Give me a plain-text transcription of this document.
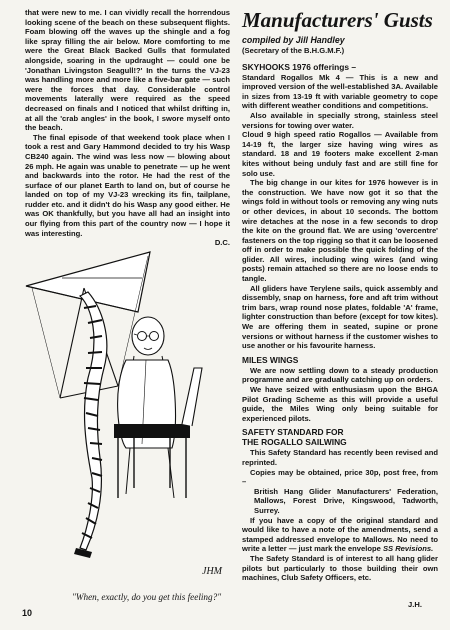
that were new to me. I can vividly recall the horrendous looking scene of the beach on these subsequent flights. Foam blowing off the waves up the shingle and a fog like spray filling the air below. More comforting to me were the Great Black Backed Gulls that formulated alongside, soaring in the updraught — could one be 'Jonathan Livingston Seagull!?' In the turns the VJ-23 was handling more and more like a five-bar gate — such were the forces that day. Considerable control movements laterally were required as the speed decreased on finals and I noticed that whilst drifting in, at all the 'crab angles' in the book, I swore myself onto the beach.

The final episode of that weekend took place when I took a rest and Gary Hammond decided to try his Wasp CB240 again. The wind was less now — blowing about 26 mph. He again was unable to penetrate — up he went and backwards into the rotor. He had the rest of the surface of our planet Earth to land on, but of course he landed on top of my VJ-23 wrecking its fin, tailplane, rudder etc. and it didn't do his Wasp any good either. He was OK thankfully, but you have all had an insight into our flying from this part of the country now — I hope it was interesting.

D.C.
JHM
"When, exactly, do you get this feeling?"
10
Manufacturers' Gusts

compiled by Jill Handley

(Secretary of the B.H.G.M.F.)

SKYHOOKS 1976 offerings –

Standard Rogallos Mk 4 — This is a new and improved version of the well-established 3A. Available in sizes from 13-19 ft with variable geometry to cope with different weather conditions and competitions.

Also available in specially strong, stainless steel versions for towing over water.

Cloud 9 high speed ratio Rogallos — Available from 14-19 ft, the larger size having wing wires as standard. 18 and 19 footers make excellent 2-man kites without being unduly fast and are still fine for solo use.

The big change in our kites for 1976 however is in the construction. We have now got it so that the wings fold in without tools or removing any wing nuts or other devices, in about 10 seconds. The bottom wire detaches at the nose in a few seconds to drop the kite on the ground flat. We are using 'overcentre' fasteners on the top rigging so that it can be loosened off in order to make possible the quick folding of the glider. All wires, including wing wires (and wing posts) remain attached so there are no loose ends to tangle.

All gliders have Terylene sails, quick assembly and dissembly, snap on harness, fore and aft trim without trim bars, wrap round nose plates, foldable 'A' frame, lighter construction than before (except for tow kites). We are offering them in seated, supine or prone versions or without harness if the customer wishes to use another or his favourite harness.

MILES WINGS

We are now settling down to a steady production programme and are gradually catching up on orders.

We have seized with enthusiasm upon the BHGA Pilot Grading Scheme as this will provide a useful guide, the Miles Wing only being suitable for experienced pilots.

SAFETY STANDARD FOR
THE ROGALLO SAILWING

This Safety Standard has recently been revised and reprinted.

Copies may be obtained, price 30p, post free, from –

British Hang Glider Manufacturers' Federation, Mallows, Forest Drive, Kingswood, Tadworth, Surrey.

If you have a copy of the original standard and would like to have a note of the amendments, send a stamped addressed envelope to Mallows. No need to write a letter — just mark the envelope SS Revisions.

The Safety Standard is of interest to all hang glider pilots but particularly to those building their own machines, Club Safety Officers, etc.

J.H.
